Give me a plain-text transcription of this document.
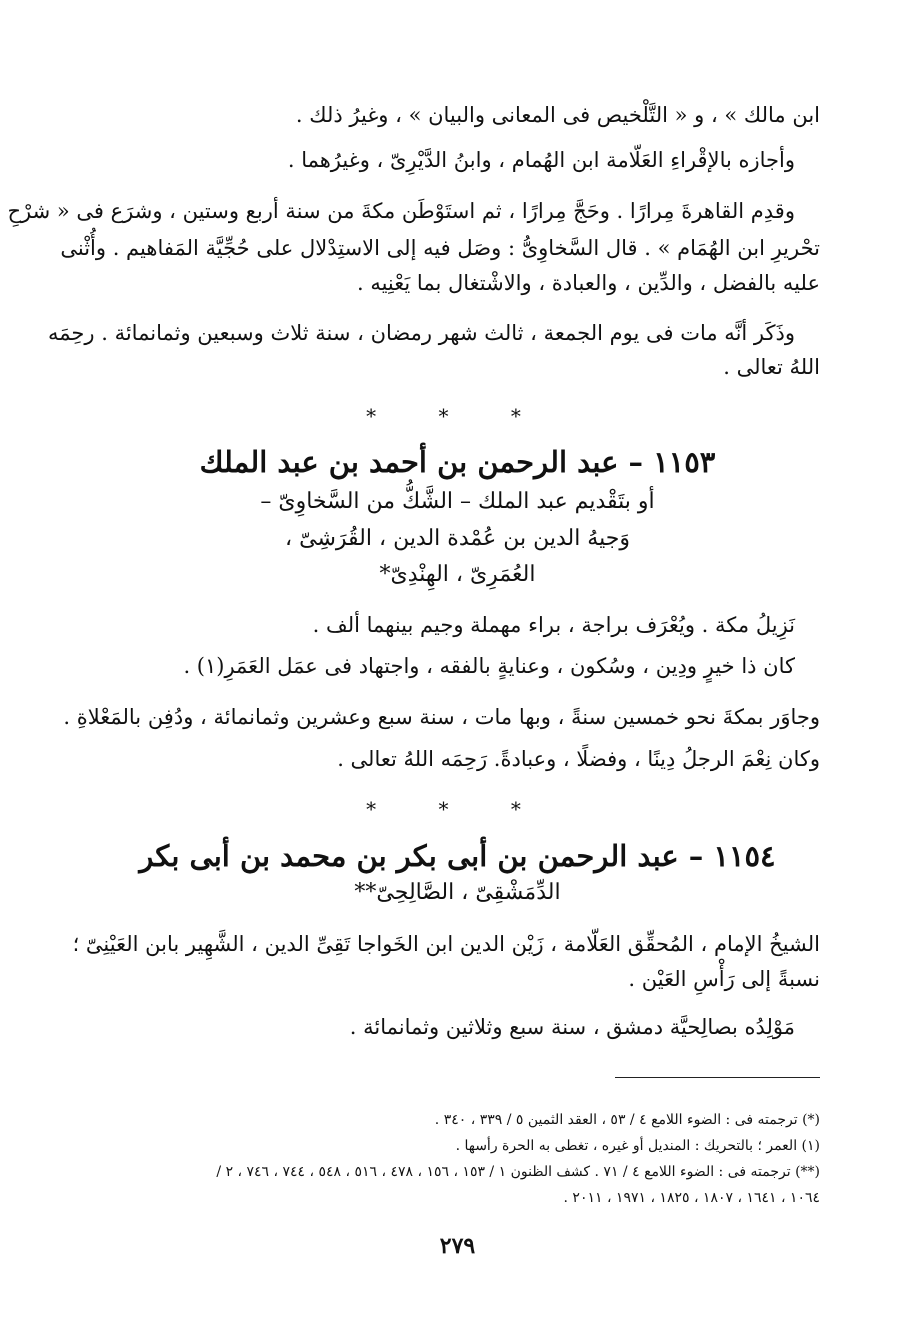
ابن مالك » ، و « التَّلْخيص فى المعانى والبيان » ، وغيرُ ذلك .
وأجازه بالإقْراءِ العَلّامة ابن الهُمام ، وابنُ الدَّيْرِىّ ، وغيرُهما .
وقدِم القاهرةَ مِرارًا . وحَجَّ مِرارًا ، ثم استَوْطَن مكةَ من سنة أربع وستين ، وشرَع فى « شرْحِ
تحْريرِ ابن الهُمَام » . قال السَّخاوِىُّ : وصَل فيه إلى الاستِدْلال على حُجِّيَّة المَفاهيم . وأُثْنى
عليه بالفضل ، والدِّين ، والعبادة ، والاشْتغال بما يَعْنِيه .
وذَكَر أنَّه مات فى يوم الجمعة ، ثالث شهر رمضان ، سنة ثلاث وسبعين وثمانمائة . رحِمَه
اللهُ تعالى .
* * *
١١٥٣ – عبد الرحمن بن أحمد بن عبد الملك
أو بتَقْديم عبد الملك – الشَّكُّ من السَّخاوِىّ –
وَجيهُ الدين بن عُمْدة الدين ، القُرَشِىّ ،
العُمَرِىّ ، الهِنْدِىّ*
نَزِيلُ مكة . ويُعْرَف براجة ، براء مهملة وجيم بينهما ألف .
كان ذا خيرٍ ودِين ، وسُكون ، وعنايةٍ بالفقه ، واجتهاد فى عمَل العَمَرِ(١) .
وجاوَر بمكةَ نحو خمسين سنةً ، وبها مات ، سنة سبع وعشرين وثمانمائة ، ودُفِن بالمَعْلاةِ .
وكان نِعْمَ الرجلُ دِينًا ، وفضلًا ، وعبادةً. رَحِمَه اللهُ تعالى .
* * *
١١٥٤ – عبد الرحمن بن أبى بكر بن محمد بن أبى بكر
الدِّمَشْقِىّ ، الصَّالِحِىّ**
الشيخُ الإمام ، المُحقِّق العَلّامة ، زَيْن الدين ابن الخَواجا تَقِىِّ الدين ، الشَّهِير بابن العَيْنِىّ ؛
نسبةً إلى رَأْسِ العَيْن .
مَوْلِدُه بصالِحيَّة دمشق ، سنة سبع وثلاثين وثمانمائة .
(*) ترجمته فى : الضوء اللامع ٤ / ٥٣ ، العقد الثمين ٥ / ٣٣٩ ، ٣٤٠ .
(١) العمر ؛ بالتحريك : المنديل أو غيره ، تغطى به الحرة رأسها .
(**) ترجمته فى : الضوء اللامع ٤ / ٧١ . كشف الظنون ١ / ١٥٣ ، ١٥٦ ، ٤٧٨ ، ٥١٦ ، ٥٤٨ ، ٧٤٤ ، ٧٤٦ ، ٢ /
١٠٦٤ ، ١٦٤١ ، ١٨٠٧ ، ١٨٢٥ ، ١٩٧١ ، ٢٠١١ .
٢٧٩
